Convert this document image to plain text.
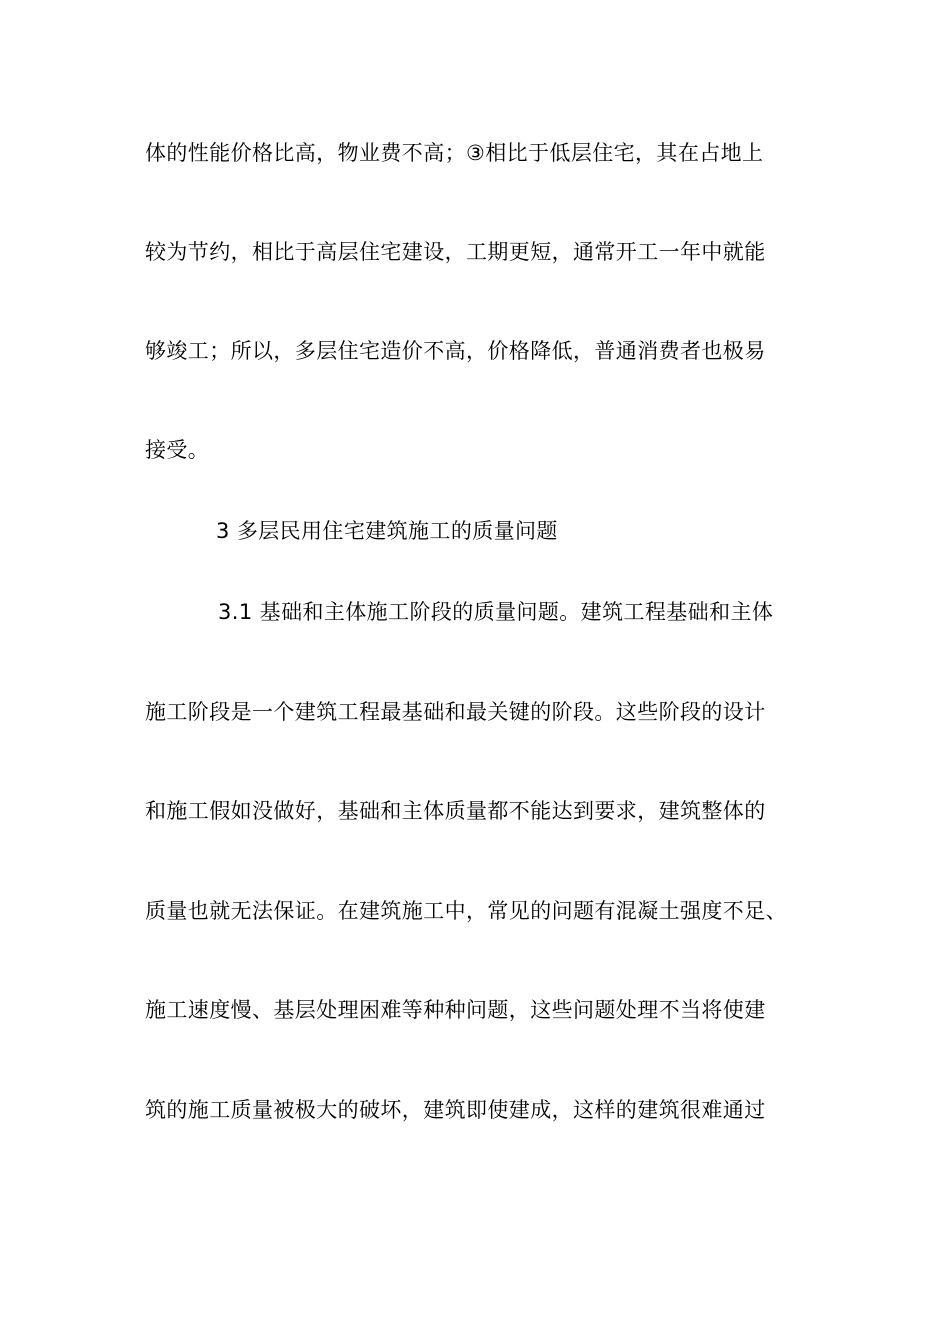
体的性能价格比高，物业费不高；③相比于低层住宅，其在占地上
较为节约，相比于高层住宅建设，工期更短，通常开工一年中就能
够竣工；所以，多层住宅造价不高，价格降低，普通消费者也极易
接受。
3 多层民用住宅建筑施工的质量问题
3.1 基础和主体施工阶段的质量问题。建筑工程基础和主体
施工阶段是一个建筑工程最基础和最关键的阶段。这些阶段的设计
和施工假如没做好，基础和主体质量都不能达到要求，建筑整体的
质量也就无法保证。在建筑施工中，常见的问题有混凝土强度不足、
施工速度慢、基层处理困难等种种问题，这些问题处理不当将使建
筑的施工质量被极大的破坏，建筑即使建成，这样的建筑很难通过
